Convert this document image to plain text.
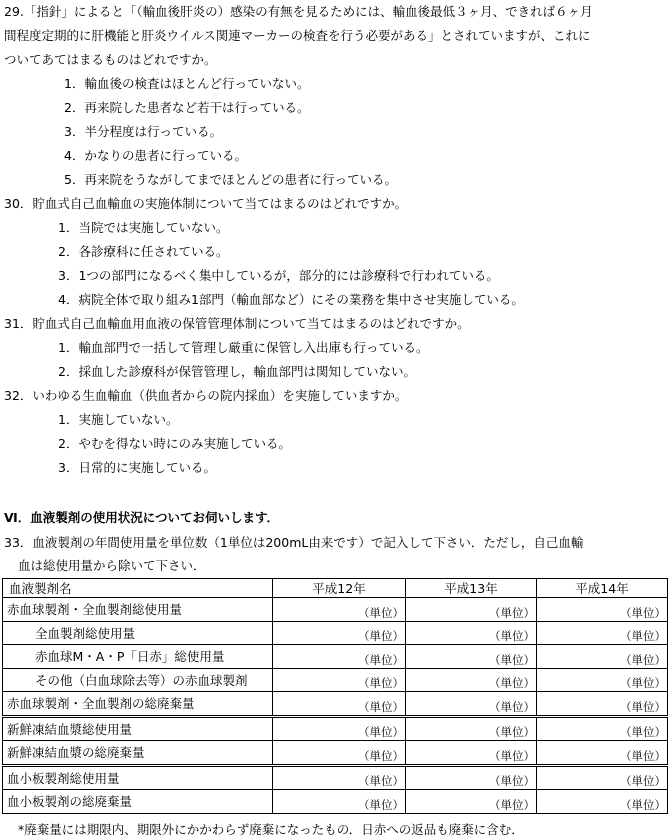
29.「指針」によると「（輸血後肝炎の）感染の有無を見るためには、輸血後最低３ヶ月、できれば６ヶ月
間程度定期的に肝機能と肝炎ウイルス関連マーカーの検査を行う必要がある」とされていますが、これに
ついてあてはまるものはどれですか。
1．輸血後の検査はほとんど行っていない。
2．再来院した患者など若干は行っている。
3．半分程度は行っている。
4．かなりの患者に行っている。
5．再来院をうながしてまでほとんどの患者に行っている。
30．貯血式自己血輸血の実施体制について当てはまるのはどれですか。
1．当院では実施していない。
2．各診療科に任されている。
3．1つの部門になるべく集中しているが，部分的には診療科で行われている。
4．病院全体で取り組み1部門（輸血部など）にその業務を集中させ実施している。
31．貯血式自己血輸血用血液の保管管理体制について当てはまるのはどれですか。
1．輸血部門で一括して管理し厳重に保管し入出庫も行っている。
2．採血した診療科が保管管理し，輸血部門は関知していない。
32．いわゆる生血輸血（供血者からの院内採血）を実施していますか。
1．実施していない。
2．やむを得ない時にのみ実施している。
3．日常的に実施している。
Ⅵ．血液製剤の使用状況についてお伺いします．
33．血液製剤の年間使用量を単位数（1単位は200mL由来です）で記入して下さい．ただし，自己血輸
血は総使用量から除いて下さい．
血液製剤名	平成12年	平成13年	平成14年
赤血球製剤・全血製剤総使用量	（単位）	（単位）	（単位）
全血製剤総使用量	（単位）	（単位）	（単位）
赤血球M・A・P「日赤」総使用量	（単位）	（単位）	（単位）
その他（白血球除去等）の赤血球製剤	（単位）	（単位）	（単位）
赤血球製剤・全血製剤の総廃棄量	（単位）	（単位）	（単位）
新鮮凍結血漿総使用量	（単位）	（単位）	（単位）
新鮮凍結血漿の総廃棄量	（単位）	（単位）	（単位）
血小板製剤総使用量	（単位）	（単位）	（単位）
血小板製剤の総廃棄量	（単位）	（単位）	（単位）
*廃棄量には期限内、期限外にかかわらず廃棄になったもの．日赤への返品も廃棄に含む．
